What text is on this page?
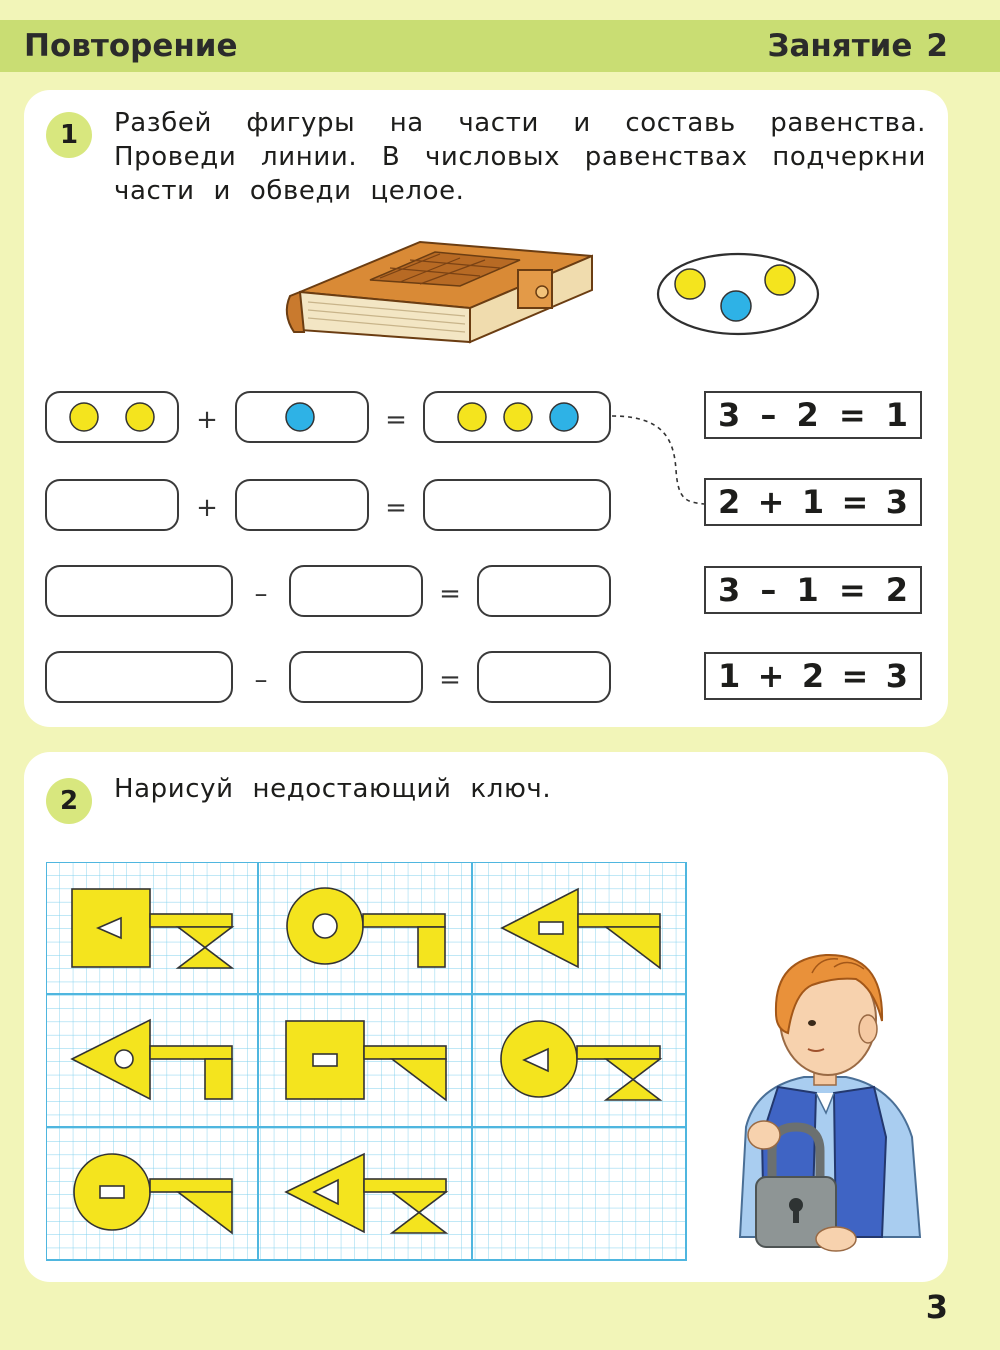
Повторение	Занятие 2
1	Разбей фигуры на части и составь равенства. Проведи линии. В числовых равенствах подчеркни части и обведи целое.
+	=
+	=
–	=
–	=
3 – 2 = 1
2 + 1 = 3
3 – 1 = 2
1 + 2 = 3
2	Нарисуй недостающий ключ.
3
